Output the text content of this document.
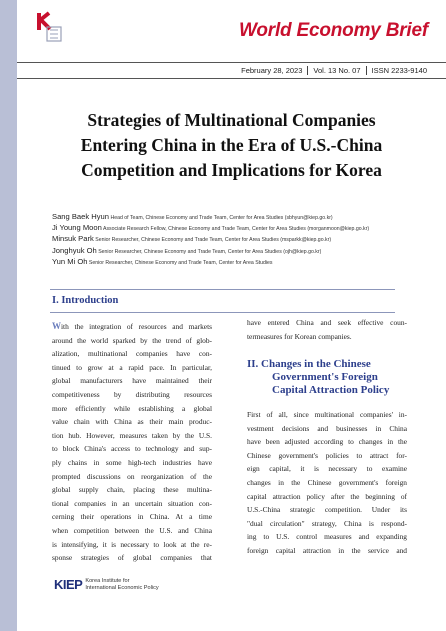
World Economy Brief
February 28, 2023	Vol. 13 No. 07	ISSN 2233-9140
Strategies of Multinational Companies
Entering China in the Era of U.S.-China
Competition and Implications for Korea
Sang Baek Hyun Head of Team, Chinese Economy and Trade Team, Center for Area Studies (sbhyun@kiep.go.kr)
Ji Young Moon Associate Research Fellow, Chinese Economy and Trade Team, Center for Area Studies (morganmoon@kiep.go.kr)
Minsuk Park Senior Researcher, Chinese Economy and Trade Team, Center for Area Studies (msparkk@kiep.go.kr)
Jonghyuk Oh Senior Researcher, Chinese Economy and Trade Team, Center for Area Studies (ojh@kiep.go.kr)
Yun Mi Oh Senior Researcher, Chinese Economy and Trade Team, Center for Area Studies
I. Introduction
With the integration of resources and markets
around the world sparked by the trend of glob-
alization, multinational companies have con-
tinued to grow at a rapid pace. In particular,
global manufacturers have maintained their
competitiveness by distributing resources
more efficiently while establishing a global
value chain with China as their main produc-
tion hub. However, measures taken by the U.S.
to block China's access to technology and sup-
ply chains in some high-tech industries have
prompted discussions on reorganization of the
global supply chain, placing these multina-
tional companies in an uncertain situation con-
cerning their operations in China. At a time
when competition between the U.S. and China
is intensifying, it is necessary to look at the re-
sponse strategies of global companies that
have entered China and seek effective coun-
termeasures for Korean companies.
II. Changes in the Chinese
Government's Foreign
Capital Attraction Policy
First of all, since multinational companies' in-
vestment decisions and businesses in China
have been adjusted according to changes in the
Chinese government's policies to attract for-
eign capital, it is necessary to examine
changes in the Chinese government's foreign
capital attraction policy after the beginning of
U.S.-China strategic competition. Under its
"dual circulation" strategy, China is respond-
ing to U.S. control measures and expanding
foreign capital attraction in the service and
KIEP Korea Institute for
International Economic Policy
